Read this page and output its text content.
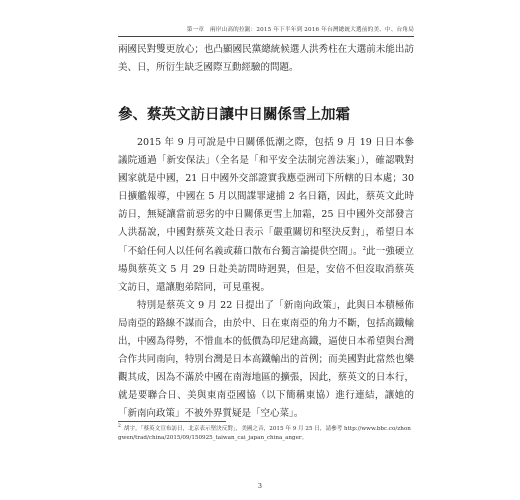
第一章　兩岸山高的拉鋸：2015 年下半年到 2016 年台灣總統大選前的美、中、台角局

兩國民對雙更放心；也凸顯國民黨總統候選人洪秀柱在大選前未能出訪美、日，所衍生缺乏國際互動經驗的問題。

參、蔡英文訪日讓中日關係雪上加霜

2015 年 9 月可說是中日關係低潮之際，包括 9 月 19 日日本參議院通過「新安保法」（全名是「和平安全法制完善法案」），確認戰對國家就是中國，21 日中國外交部證實我應亞洲司下所轄的日本處；30 日擴艦報導，中國在 5 月以間諜罪逮捕 2 名日籍，因此，蔡英文此時訪日，無疑讓當前惡劣的中日關係更雪上加霜，25 日中國外交部發言人洪磊說，中國對蔡英文赴日表示「嚴重關切和堅決反對」，希望日本「不給任何人以任何名義或藉口散布台獨言論提供空間」。$^2$此一強硬立場與蔡英文 5 月 29 日赴美訪問時迥異，但是，安倍不但沒取消蔡英文訪日，還讓胞弟陪同，可見重視。

特別是蔡英文 9 月 22 日提出了「新南向政策」，此與日本積極佈局南亞的路線不謀而合，由於中、日在東南亞的角力不斷，包括高鐵輸出，中國為得勢，不惜血本的低價為印尼建高鐵，逼使日本希望與台灣合作共同南向，特別台灣是日本高鐵輸出的首例；而美國對此當然也樂觀其成，因為不滿於中國在南海地區的擴張，因此，蔡英文的日本行，就是要聯合日、美與東南亞國協（以下簡稱東協）進行連結，讓她的「新南向政策」不被外界質疑是「空心菜」。

$^2$ 胡宇，「蔡英文宣布訪日，北京表示堅決反對」，美國之音，2015 年 9 月 25 日，請參考 http://www.bbc.co/zhongwen/trad/china/2015/09/150925_taiwan_cai_japan_china_anger。
3
